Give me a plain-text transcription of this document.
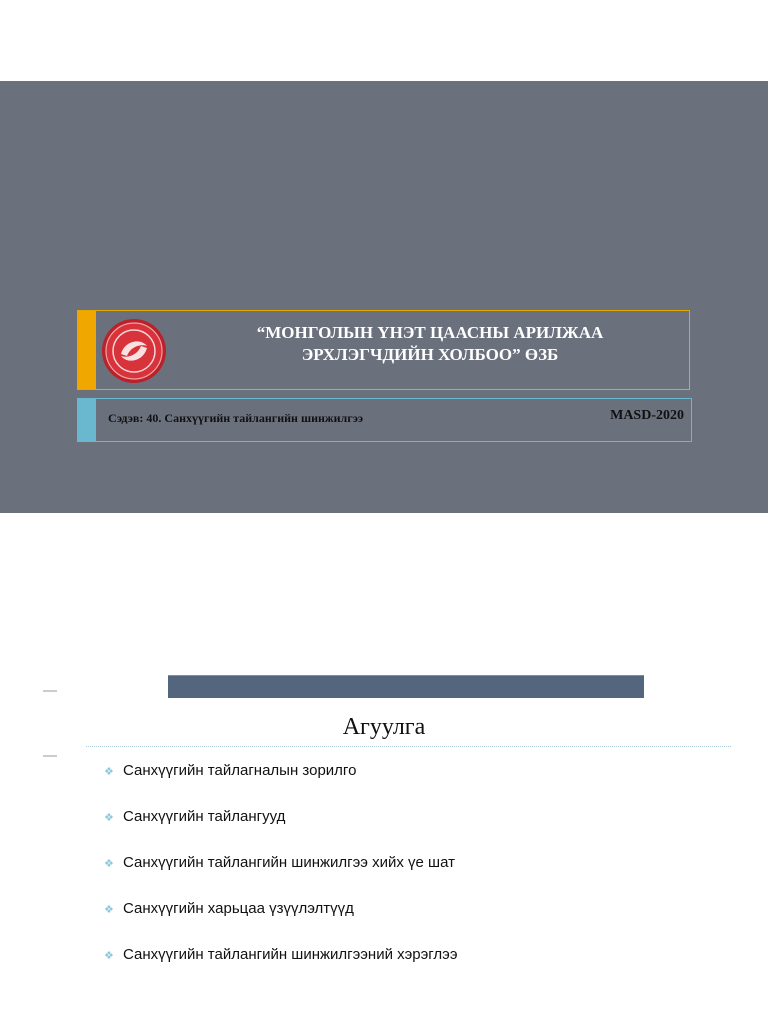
“МОНГОЛЫН ҮНЭТ ЦААСНЫ АРИЛЖАА
ЭРХЛЭГЧДИЙН ХОЛБОО” ӨЗБ
Сэдэв: 40. Санхүүгийн тайлангийн шинжилгээ	MASD-2020
Агуулга
❖ Санхүүгийн тайлагналын зорилго
❖ Санхүүгийн тайлангууд
❖ Санхүүгийн тайлангийн шинжилгээ хийх үе шат
❖ Санхүүгийн харьцаа үзүүлэлтүүд
❖ Санхүүгийн тайлангийн шинжилгээний хэрэглээ
